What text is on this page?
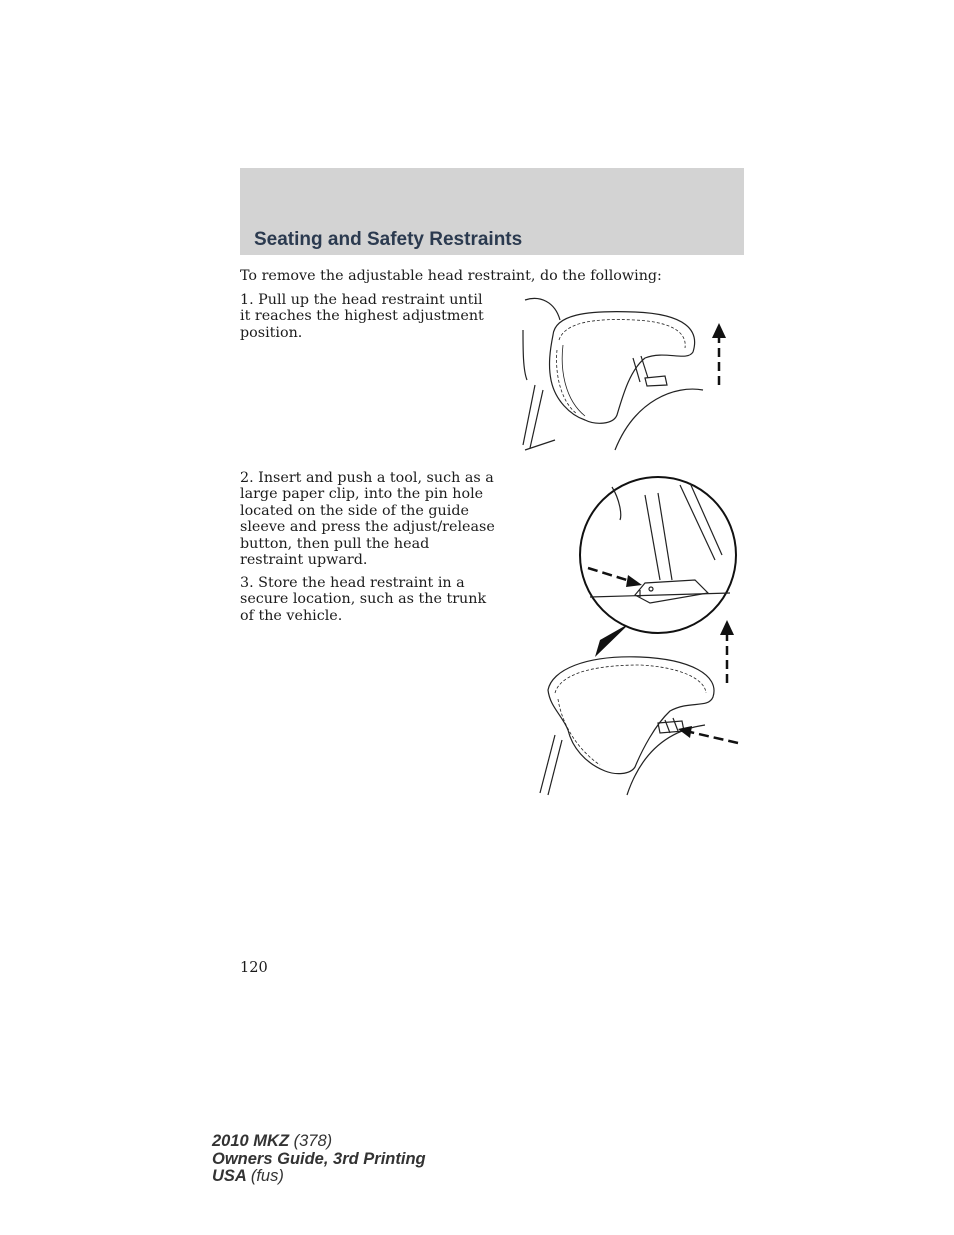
Seating and Safety Restraints

To remove the adjustable head restraint, do the following:

1. Pull up the head restraint until it reaches the highest adjustment position.

2. Insert and push a tool, such as a large paper clip, into the pin hole located on the side of the guide sleeve and press the adjust/release button, then pull the head restraint upward.

3. Store the head restraint in a secure location, such as the trunk of the vehicle.

120
2010 MKZ (378)
Owners Guide, 3rd Printing
USA (fus)
